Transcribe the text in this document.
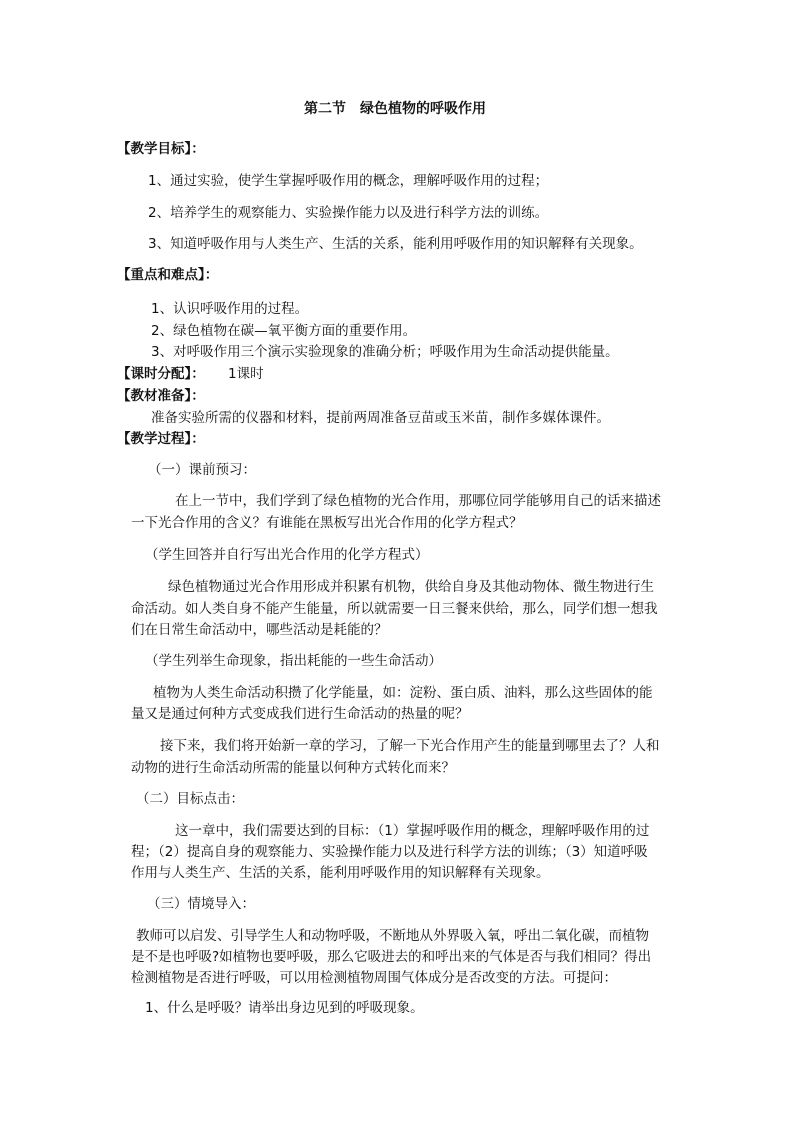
第二节　绿色植物的呼吸作用
【教学目标】：
1、通过实验，使学生掌握呼吸作用的概念，理解呼吸作用的过程；
2、培养学生的观察能力、实验操作能力以及进行科学方法的训练。
3、知道呼吸作用与人类生产、生活的关系，能利用呼吸作用的知识解释有关现象。
【重点和难点】：
1、认识呼吸作用的过程。
2、绿色植物在碳—氧平衡方面的重要作用。
3、对呼吸作用三个演示实验现象的准确分析；呼吸作用为生命活动提供能量。
【课时分配】： 1课时
【教材准备】：
准备实验所需的仪器和材料，提前两周准备豆苗或玉米苗，制作多媒体课件。
【教学过程】：
（一）课前预习：
在上一节中，我们学到了绿色植物的光合作用，那哪位同学能够用自己的话来描述
一下光合作用的含义？有谁能在黑板写出光合作用的化学方程式？
（学生回答并自行写出光合作用的化学方程式）
绿色植物通过光合作用形成并积累有机物，供给自身及其他动物体、微生物进行生
命活动。如人类自身不能产生能量，所以就需要一日三餐来供给，那么，同学们想一想我
们在日常生命活动中，哪些活动是耗能的？
（学生列举生命现象，指出耗能的一些生命活动）
植物为人类生命活动积攒了化学能量，如：淀粉、蛋白质、油料，那么这些固体的能
量又是通过何种方式变成我们进行生命活动的热量的呢？
接下来，我们将开始新一章的学习，了解一下光合作用产生的能量到哪里去了？人和
动物的进行生命活动所需的能量以何种方式转化而来？
（二）目标点击：
这一章中，我们需要达到的目标：（1）掌握呼吸作用的概念，理解呼吸作用的过
程；（2）提高自身的观察能力、实验操作能力以及进行科学方法的训练；（3）知道呼吸
作用与人类生产、生活的关系，能利用呼吸作用的知识解释有关现象。
（三）情境导入：
教师可以启发、引导学生人和动物呼吸，不断地从外界吸入氧，呼出二氧化碳，而植物
是不是也呼吸?如植物也要呼吸，那么它吸进去的和呼出来的气体是否与我们相同？得出
检测植物是否进行呼吸，可以用检测植物周围气体成分是否改变的方法。可提问：
1、什么是呼吸？请举出身边见到的呼吸现象。
